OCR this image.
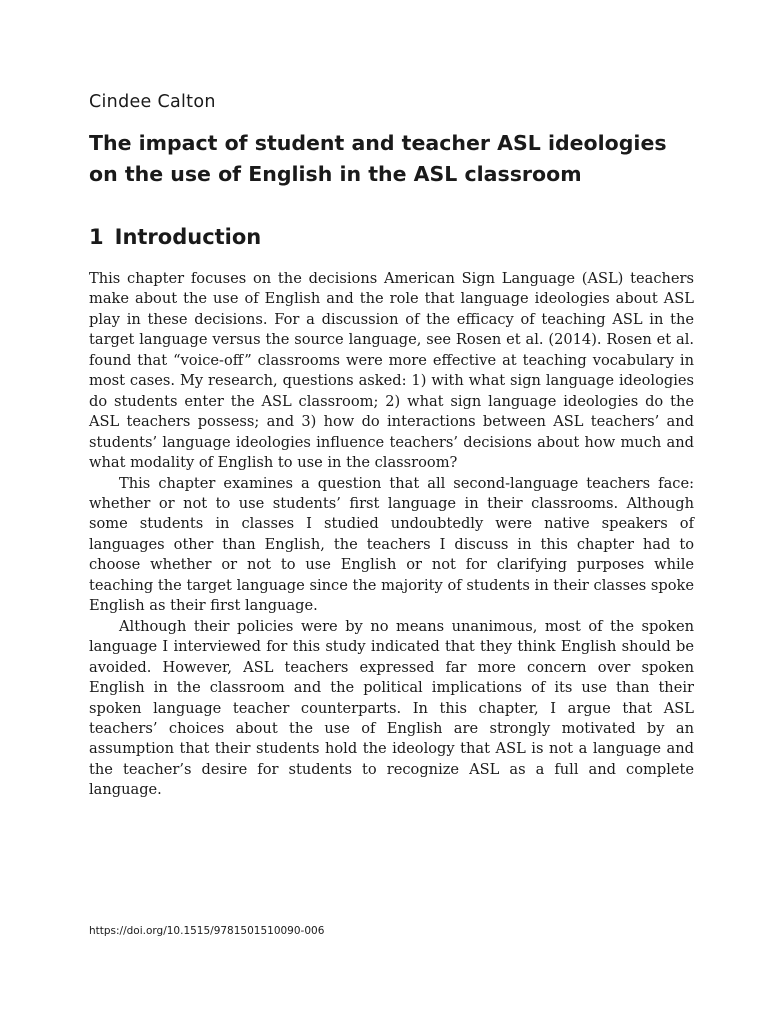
Cindee Calton
The impact of student and teacher ASL ideologies
on the use of English in the ASL classroom
1 Introduction

This chapter focuses on the decisions American Sign Language (ASL) teachers make about the use of English and the role that language ideologies about ASL play in these decisions. For a discussion of the efficacy of teaching ASL in the target language versus the source language, see Rosen et al. (2014). Rosen et al. found that “voice-off” classrooms were more effective at teaching vocabulary in most cases. My research, questions asked: 1) with what sign language ideologies do students enter the ASL classroom; 2) what sign language ideologies do the ASL teachers possess; and 3) how do interactions between ASL teachers’ and students’ language ideologies influence teachers’ decisions about how much and what modality of English to use in the classroom?

This chapter examines a question that all second-language teachers face: whether or not to use students’ first language in their classrooms. Although some students in classes I studied undoubtedly were native speakers of languages other than English, the teachers I discuss in this chapter had to choose whether or not to use English or not for clarifying purposes while teaching the target language since the majority of students in their classes spoke English as their first language.

Although their policies were by no means unanimous, most of the spoken language I interviewed for this study indicated that they think English should be avoided. However, ASL teachers expressed far more concern over spoken English in the classroom and the political implications of its use than their spoken language teacher counterparts. In this chapter, I argue that ASL teachers’ choices about the use of English are strongly motivated by an assumption that their students hold the ideology that ASL is not a language and the teacher’s desire for students to recognize ASL as a full and complete language.

https://doi.org/10.1515/9781501510090-006
